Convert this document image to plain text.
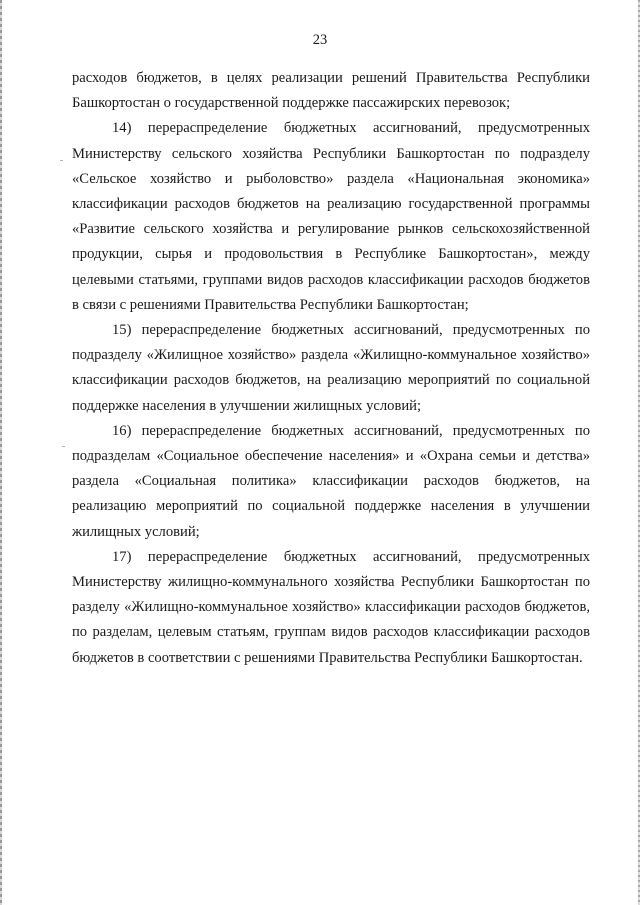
23

расходов бюджетов, в целях реализации решений Правительства Республики Башкортостан о государственной поддержке пассажирских перевозок;

14) перераспределение бюджетных ассигнований, предусмотренных Министерству сельского хозяйства Республики Башкортостан по подразделу «Сельское хозяйство и рыболовство» раздела «Национальная экономика» классификации расходов бюджетов на реализацию государственной программы «Развитие сельского хозяйства и регулирование рынков сельскохозяйственной продукции, сырья и продовольствия в Республике Башкортостан», между целевыми статьями, группами видов расходов классификации расходов бюджетов в связи с решениями Правительства Республики Башкортостан;

15) перераспределение бюджетных ассигнований, предусмотренных по подразделу «Жилищное хозяйство» раздела «Жилищно-коммунальное хозяйство» классификации расходов бюджетов, на реализацию мероприятий по социальной поддержке населения в улучшении жилищных условий;

16) перераспределение бюджетных ассигнований, предусмотренных по подразделам «Социальное обеспечение населения» и «Охрана семьи и детства» раздела «Социальная политика» классификации расходов бюджетов, на реализацию мероприятий по социальной поддержке населения в улучшении жилищных условий;

17) перераспределение бюджетных ассигнований, предусмотренных Министерству жилищно-коммунального хозяйства Республики Башкортостан по разделу «Жилищно-коммунальное хозяйство» классификации расходов бюджетов, по разделам, целевым статьям, группам видов расходов классификации расходов бюджетов в соответствии с решениями Правительства Республики Башкортостан.
